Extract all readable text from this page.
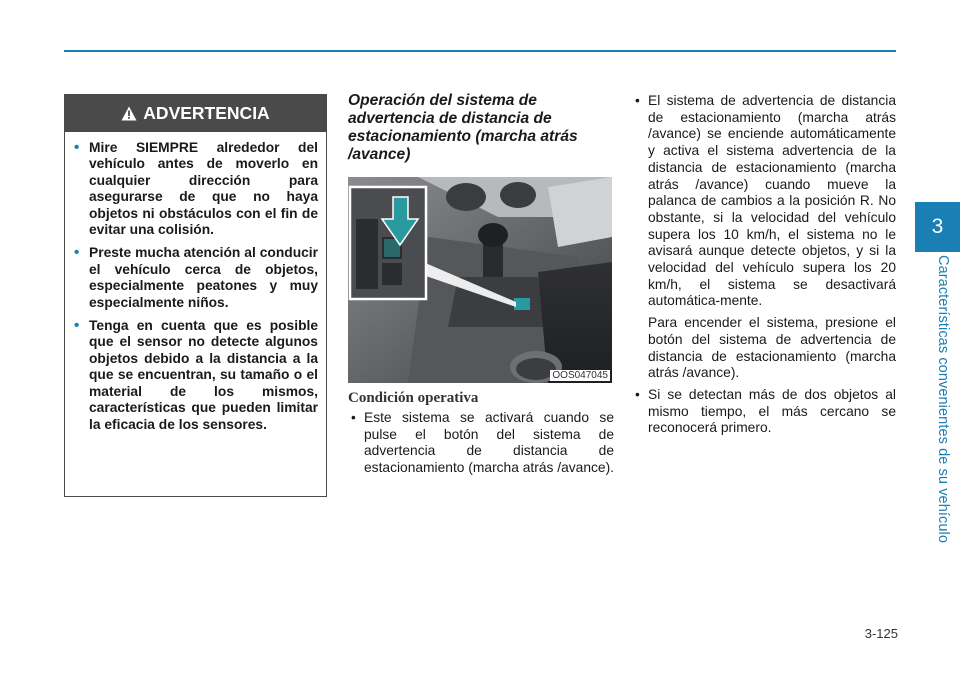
3
Características convenientes de su vehículo
ADVERTENCIA
• Mire SIEMPRE alrededor del vehículo antes de moverlo en cualquier dirección para asegurarse de que no haya objetos ni obstáculos con el fin de evitar una colisión.
• Preste mucha atención al conducir el vehículo cerca de objetos, especialmente peatones y muy especialmente niños.
• Tenga en cuenta que es posible que el sensor no detecte algunos objetos debido a la distancia a la que se encuentran, su tamaño o el material de los mismos, características que pueden limitar la eficacia de los sensores.
Operación del sistema de advertencia de distancia de estacionamiento (marcha atrás /avance)
OOS047045
Condición operativa
• Este sistema se activará cuando se pulse el botón del sistema de advertencia de distancia de estacionamiento (marcha atrás /avance).
• El sistema de advertencia de distancia de estacionamiento (marcha atrás /avance) se enciende automáticamente y activa el sistema advertencia de la distancia de estacionamiento (marcha atrás /avance) cuando mueve la palanca de cambios a la posición R. No obstante, si la velocidad del vehículo supera los 10 km/h, el sistema no le avisará aunque detecte objetos, y si la velocidad del vehículo supera los 20 km/h, el sistema se desactivará automática-mente.
Para encender el sistema, presione el botón del sistema de advertencia de distancia de estacionamiento (marcha atrás /avance).
• Si se detectan más de dos objetos al mismo tiempo, el más cercano se reconocerá primero.
3-125
